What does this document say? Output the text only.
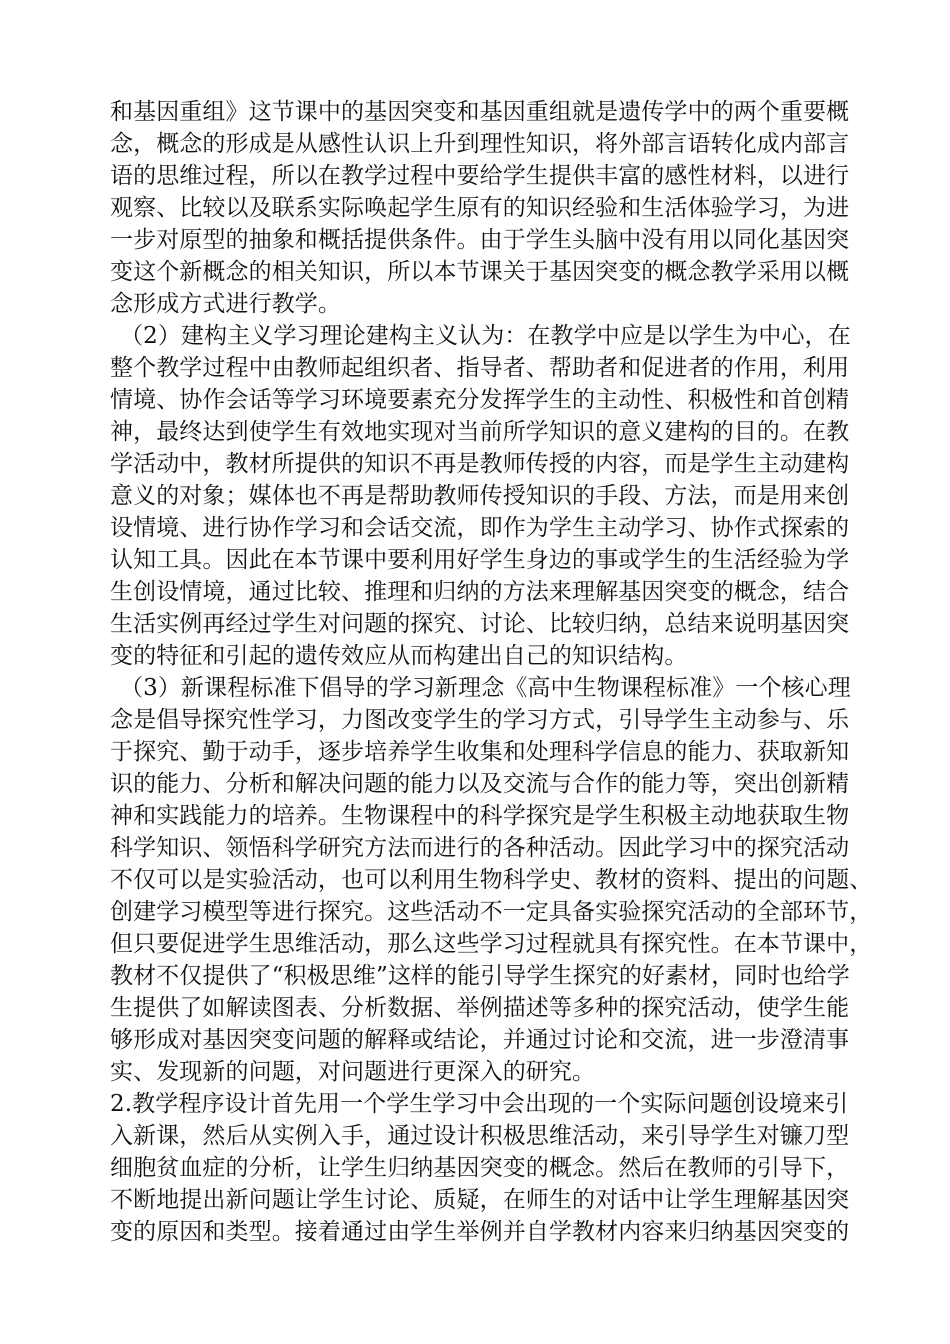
和基因重组》这节课中的基因突变和基因重组就是遗传学中的两个重要概
念，概念的形成是从感性认识上升到理性知识，将外部言语转化成内部言
语的思维过程，所以在教学过程中要给学生提供丰富的感性材料，以进行
观察、比较以及联系实际唤起学生原有的知识经验和生活体验学习，为进
一步对原型的抽象和概括提供条件。由于学生头脑中没有用以同化基因突
变这个新概念的相关知识，所以本节课关于基因突变的概念教学采用以概
念形成方式进行教学。
（2）建构主义学习理论建构主义认为：在教学中应是以学生为中心，在
整个教学过程中由教师起组织者、指导者、帮助者和促进者的作用，利用
情境、协作会话等学习环境要素充分发挥学生的主动性、积极性和首创精
神，最终达到使学生有效地实现对当前所学知识的意义建构的目的。在教
学活动中，教材所提供的知识不再是教师传授的内容，而是学生主动建构
意义的对象；媒体也不再是帮助教师传授知识的手段、方法，而是用来创
设情境、进行协作学习和会话交流，即作为学生主动学习、协作式探索的
认知工具。因此在本节课中要利用好学生身边的事或学生的生活经验为学
生创设情境，通过比较、推理和归纳的方法来理解基因突变的概念，结合
生活实例再经过学生对问题的探究、讨论、比较归纳，总结来说明基因突
变的特征和引起的遗传效应从而构建出自己的知识结构。
（3）新课程标准下倡导的学习新理念《高中生物课程标准》一个核心理
念是倡导探究性学习，力图改变学生的学习方式，引导学生主动参与、乐
于探究、勤于动手，逐步培养学生收集和处理科学信息的能力、获取新知
识的能力、分析和解决问题的能力以及交流与合作的能力等，突出创新精
神和实践能力的培养。生物课程中的科学探究是学生积极主动地获取生物
科学知识、领悟科学研究方法而进行的各种活动。因此学习中的探究活动
不仅可以是实验活动，也可以利用生物科学史、教材的资料、提出的问题、
创建学习模型等进行探究。这些活动不一定具备实验探究活动的全部环节，
但只要促进学生思维活动，那么这些学习过程就具有探究性。在本节课中，
教材不仅提供了“积极思维”这样的能引导学生探究的好素材，同时也给学
生提供了如解读图表、分析数据、举例描述等多种的探究活动，使学生能
够形成对基因突变问题的解释或结论，并通过讨论和交流，进一步澄清事
实、发现新的问题，对问题进行更深入的研究。
2.教学程序设计首先用一个学生学习中会出现的一个实际问题创设境来引
入新课，然后从实例入手，通过设计积极思维活动，来引导学生对镰刀型
细胞贫血症的分析，让学生归纳基因突变的概念。然后在教师的引导下，
不断地提出新问题让学生讨论、质疑，在师生的对话中让学生理解基因突
变的原因和类型。接着通过由学生举例并自学教材内容来归纳基因突变的
